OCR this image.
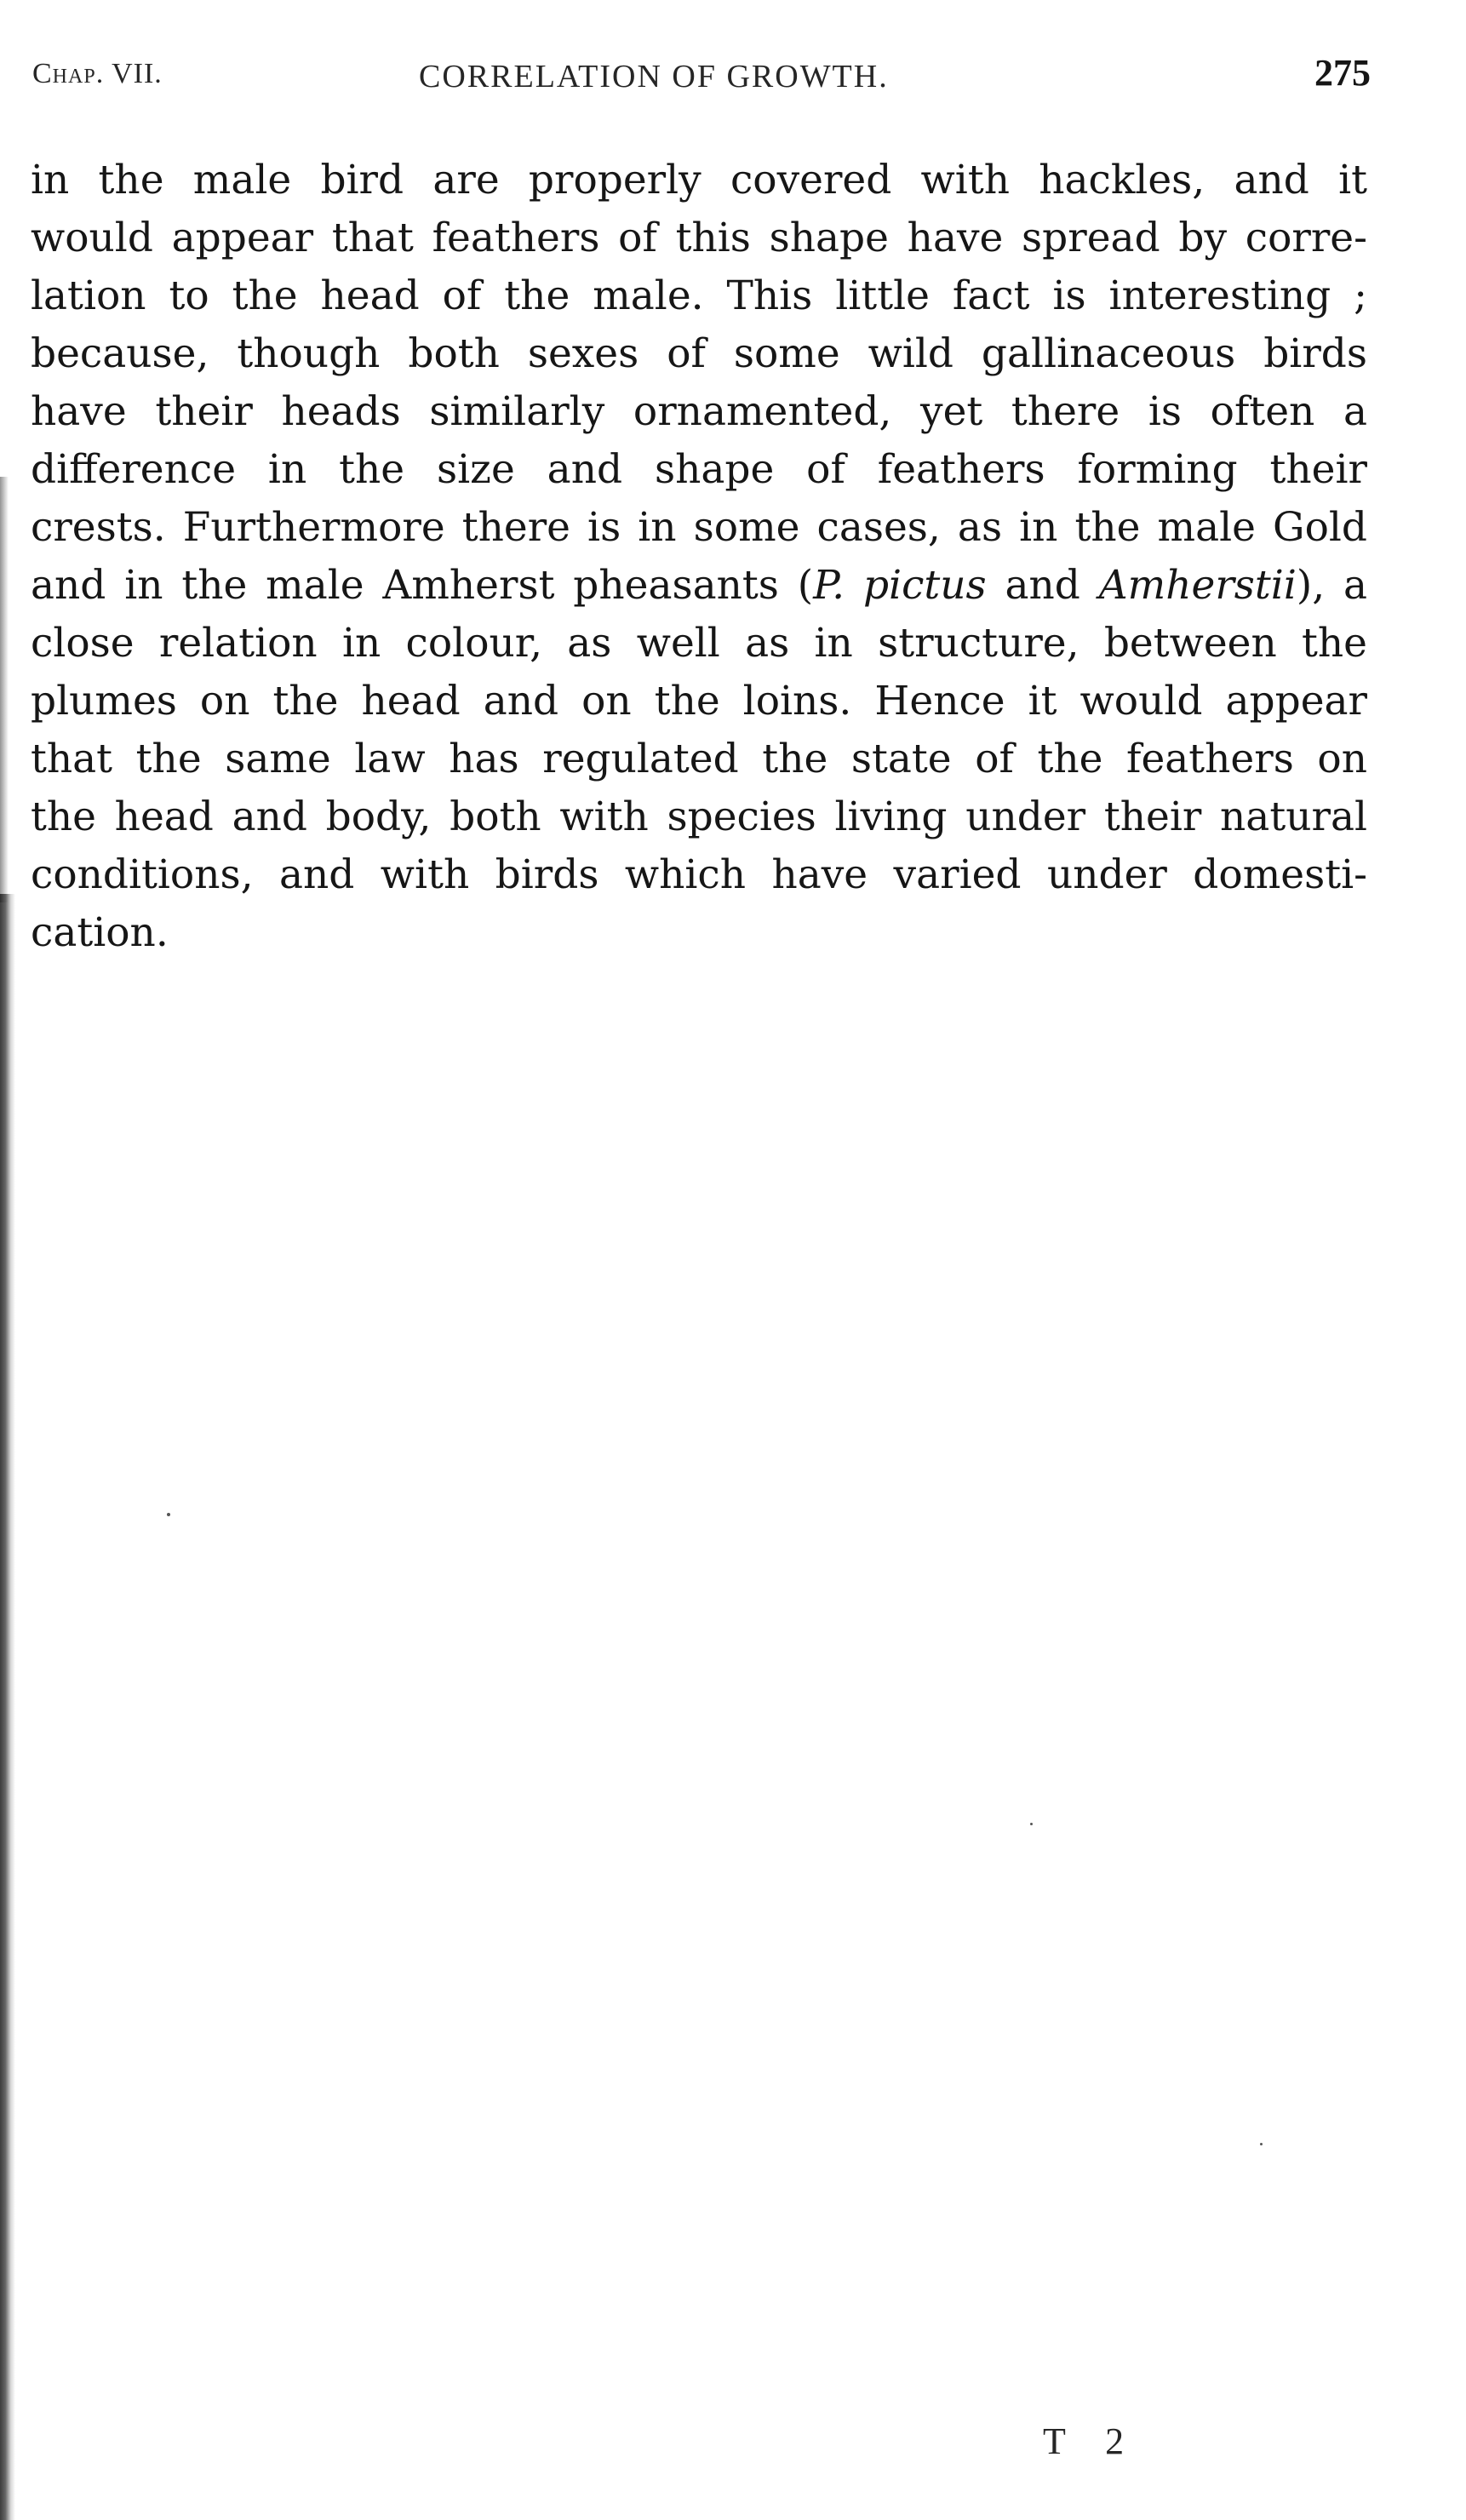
Chap. VII.	CORRELATION OF GROWTH.	275
in the male bird are properly covered with hackles, and it
would appear that feathers of this shape have spread by corre-
lation to the head of the male. This little fact is interesting ;
because, though both sexes of some wild gallinaceous birds
have their heads similarly ornamented, yet there is often a
difference in the size and shape of feathers forming their
crests. Furthermore there is in some cases, as in the male Gold
and in the male Amherst pheasants (P. pictus and Amherstii), a
close relation in colour, as well as in structure, between the
plumes on the head and on the loins. Hence it would appear
that the same law has regulated the state of the feathers on
the head and body, both with species living under their natural
conditions, and with birds which have varied under domesti-
cation.
T 2
